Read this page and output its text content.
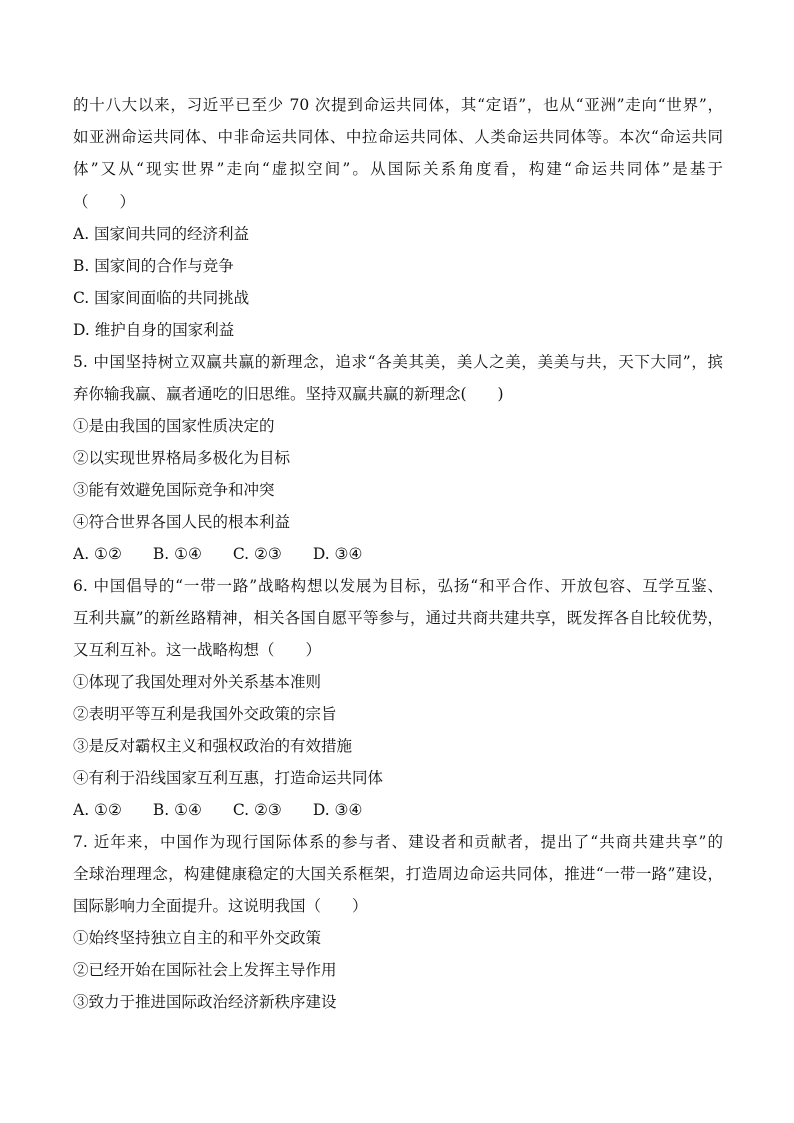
的十八大以来，习近平已至少 70 次提到命运共同体，其“定语”，也从“亚洲”走向“世界”，
如亚洲命运共同体、中非命运共同体、中拉命运共同体、人类命运共同体等。本次“命运共同
体”又从“现实世界”走向“虚拟空间”。从国际关系角度看，构建“命运共同体”是基于
（　　）
A. 国家间共同的经济利益
B. 国家间的合作与竞争
C. 国家间面临的共同挑战
D. 维护自身的国家利益
5. 中国坚持树立双赢共赢的新理念，追求“各美其美，美人之美，美美与共，天下大同”，摈
弃你输我赢、赢者通吃的旧思维。坚持双赢共赢的新理念(　　)
①是由我国的国家性质决定的
②以实现世界格局多极化为目标
③能有效避免国际竞争和冲突
④符合世界各国人民的根本利益
A. ①②　　B. ①④　　C. ②③　　D. ③④
6. 中国倡导的“一带一路”战略构想以发展为目标，弘扬“和平合作、开放包容、互学互鉴、
互利共赢”的新丝路精神，相关各国自愿平等参与，通过共商共建共享，既发挥各自比较优势，
又互利互补。这一战略构想（　　）
①体现了我国处理对外关系基本准则
②表明平等互利是我国外交政策的宗旨
③是反对霸权主义和强权政治的有效措施
④有利于沿线国家互利互惠，打造命运共同体
A. ①②　　B. ①④　　C. ②③　　D. ③④
7. 近年来，中国作为现行国际体系的参与者、建设者和贡献者，提出了“共商共建共享”的
全球治理理念，构建健康稳定的大国关系框架，打造周边命运共同体，推进“一带一路”建设，
国际影响力全面提升。这说明我国（　　）
①始终坚持独立自主的和平外交政策
②已经开始在国际社会上发挥主导作用
③致力于推进国际政治经济新秩序建设
